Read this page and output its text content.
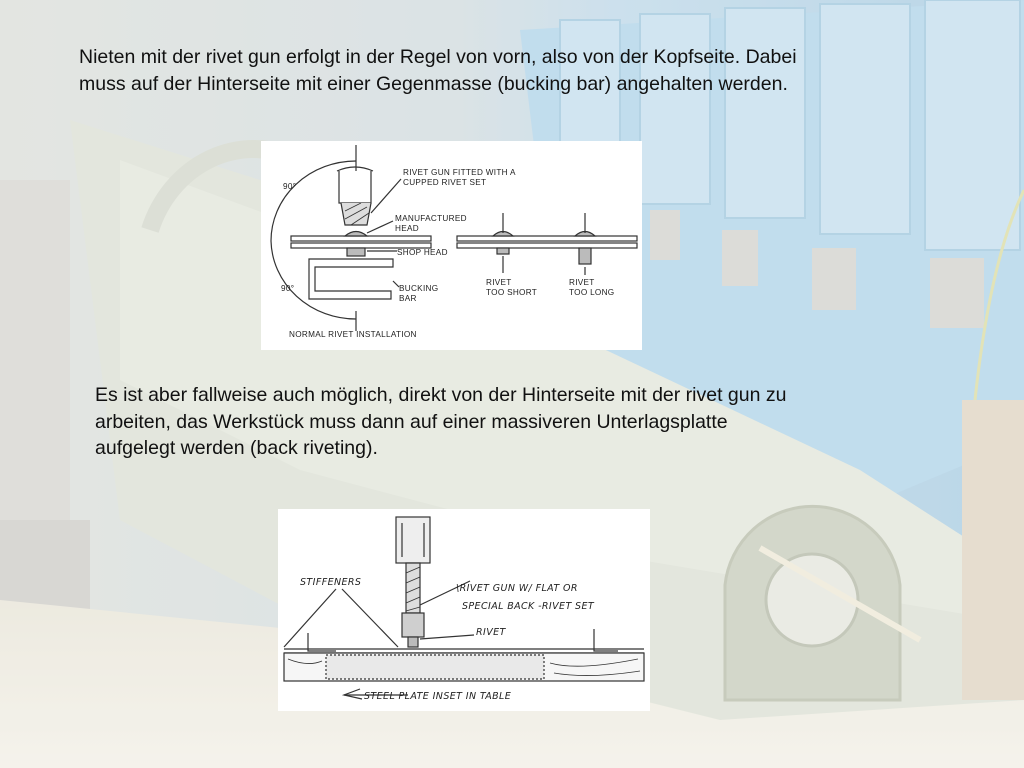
Nieten mit der rivet gun erfolgt in der Regel von vorn, also von der Kopfseite. Dabei muss auf der Hinterseite mit einer Gegenmasse (bucking bar) angehalten werden.

90°
90°
RIVET GUN FITTED WITH A
CUPPED RIVET SET
MANUFACTURED
HEAD
SHOP HEAD
BUCKING
BAR
RIVET
TOO SHORT
RIVET
TOO LONG
NORMAL RIVET INSTALLATION

Es ist aber fallweise auch möglich, direkt von der Hinterseite mit der rivet gun zu arbeiten, das Werkstück muss dann auf einer massiveren Unterlagsplatte aufgelegt werden (back riveting).

STIFFENERS
\RIVET GUN W/ FLAT OR
SPECIAL BACK -RIVET SET
RIVET
STEEL PLATE INSET IN TABLE
